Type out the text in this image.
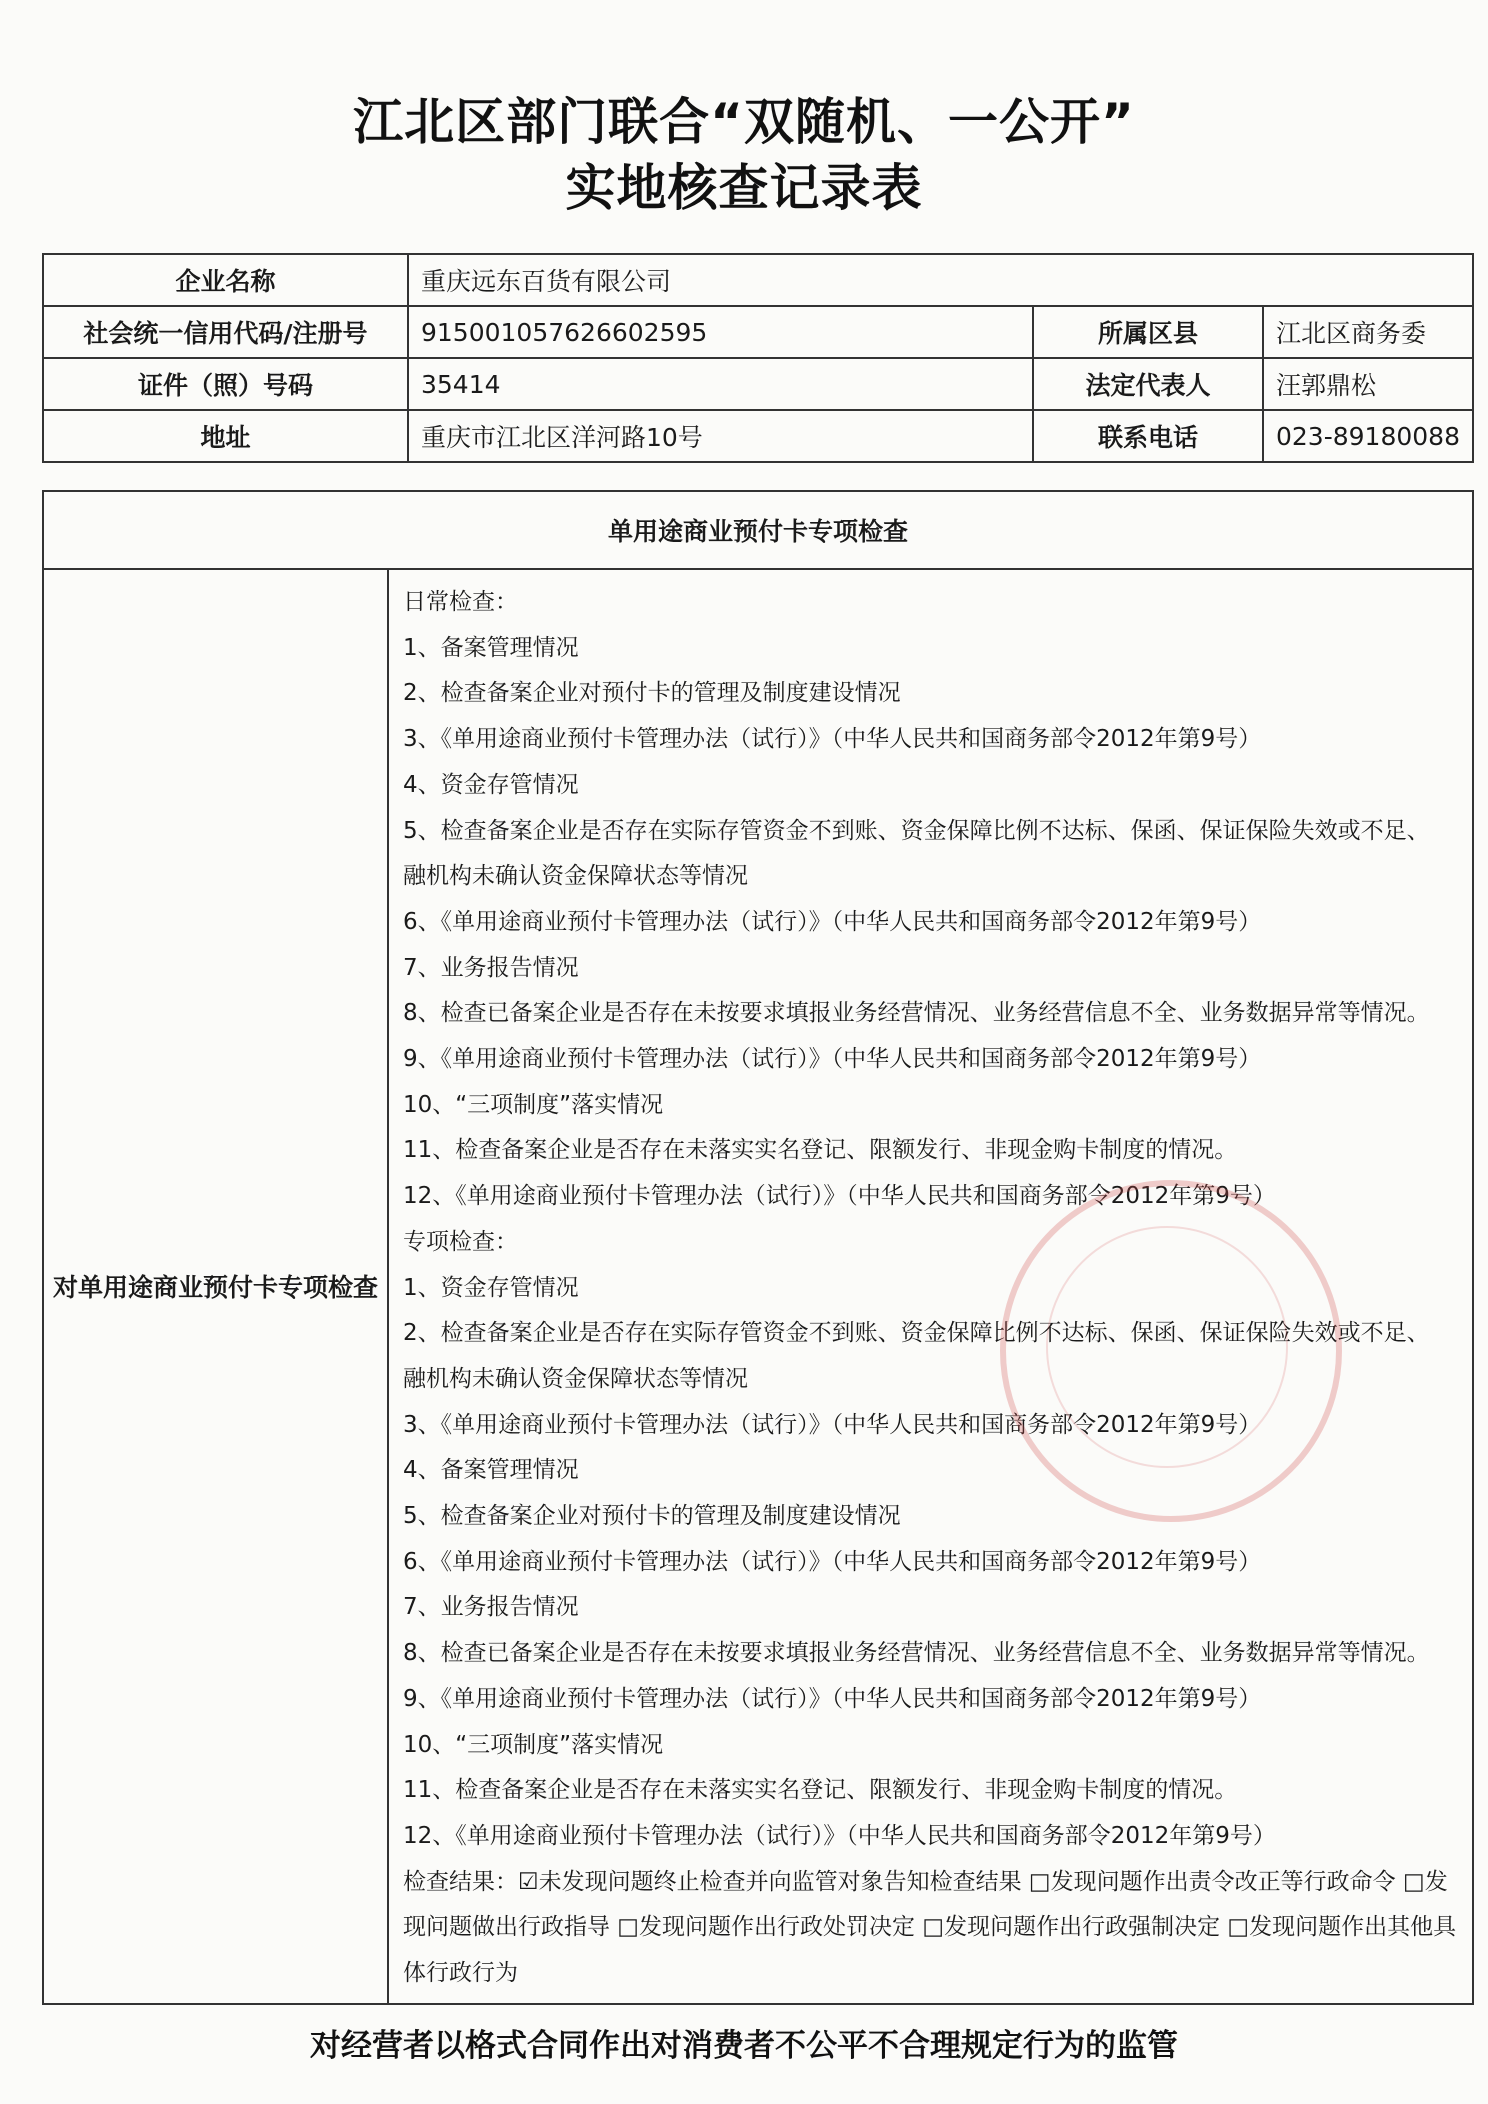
江北区部门联合“双随机、一公开”
实地核查记录表
企业名称	重庆远东百货有限公司		
社会统一信用代码/注册号	915001057626602595	所属区县	江北区商务委
证件（照）号码	35414	法定代表人	汪郭鼎松
地址	重庆市江北区洋河路10号	联系电话	023-89180088
单用途商业预付卡专项检查
对单用途商业预付卡专项检查	
日常检查：
1、备案管理情况
2、检查备案企业对预付卡的管理及制度建设情况
3、《单用途商业预付卡管理办法（试行）》（中华人民共和国商务部令2012年第9号）
4、资金存管情况
5、检查备案企业是否存在实际存管资金不到账、资金保障比例不达标、保函、保证保险失效或不足、
融机构未确认资金保障状态等情况
6、《单用途商业预付卡管理办法（试行）》（中华人民共和国商务部令2012年第9号）
7、业务报告情况
8、检查已备案企业是否存在未按要求填报业务经营情况、业务经营信息不全、业务数据异常等情况。
9、《单用途商业预付卡管理办法（试行）》（中华人民共和国商务部令2012年第9号）
10、“三项制度”落实情况
11、检查备案企业是否存在未落实实名登记、限额发行、非现金购卡制度的情况。
12、《单用途商业预付卡管理办法（试行）》（中华人民共和国商务部令2012年第9号）
专项检查：
1、资金存管情况
2、检查备案企业是否存在实际存管资金不到账、资金保障比例不达标、保函、保证保险失效或不足、
融机构未确认资金保障状态等情况
3、《单用途商业预付卡管理办法（试行）》（中华人民共和国商务部令2012年第9号）
4、备案管理情况
5、检查备案企业对预付卡的管理及制度建设情况
6、《单用途商业预付卡管理办法（试行）》（中华人民共和国商务部令2012年第9号）
7、业务报告情况
8、检查已备案企业是否存在未按要求填报业务经营情况、业务经营信息不全、业务数据异常等情况。
9、《单用途商业预付卡管理办法（试行）》（中华人民共和国商务部令2012年第9号）
10、“三项制度”落实情况
11、检查备案企业是否存在未落实实名登记、限额发行、非现金购卡制度的情况。
12、《单用途商业预付卡管理办法（试行）》（中华人民共和国商务部令2012年第9号）
检查结果：☑未发现问题终止检查并向监管对象告知检查结果 □发现问题作出责令改正等行政命令 □发现问题做出行政指导 □发现问题作出行政处罚决定 □发现问题作出行政强制决定 □发现问题作出其他具体行政行为
对经营者以格式合同作出对消费者不公平不合理规定行为的监管
